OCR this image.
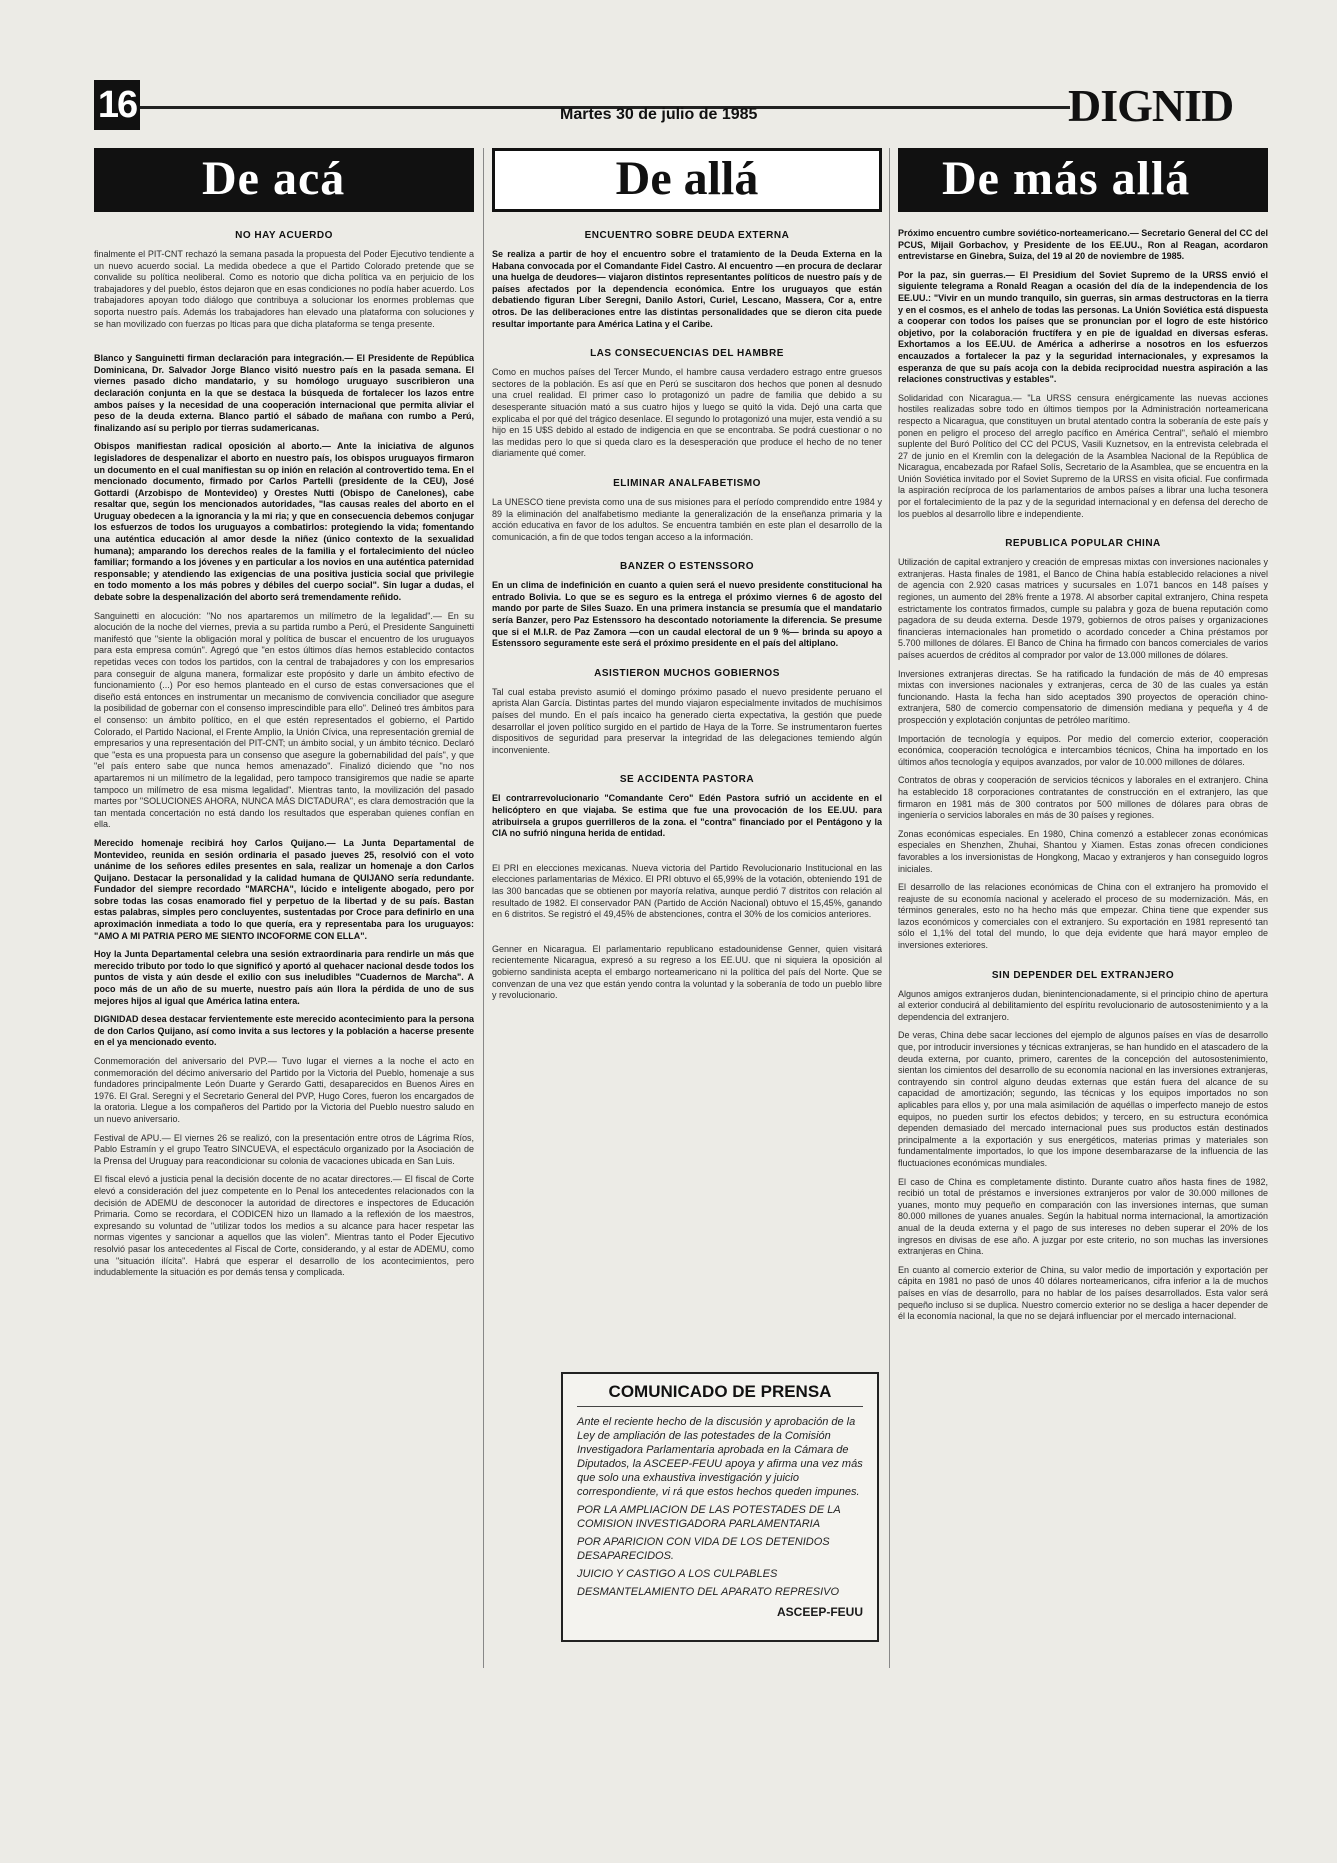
16	DIGNID
Martes 30 de julio de 1985
De acá
NO HAY ACUERDO

finalmente el PIT-CNT rechazó la semana pasada la propuesta del Poder Ejecutivo tendiente a un nuevo acuerdo social. La medida obedece a que el Partido Colorado pretende que se convalide su política neoliberal. Como es notorio que dicha política va en perjuicio de los trabajadores y del pueblo, éstos dejaron que en esas condiciones no podía haber acuerdo. Los trabajadores apoyan todo diálogo que contribuya a solucionar los enormes problemas que soporta nuestro país. Además los trabajadores han elevado una plataforma con soluciones y se han movilizado con fuerzas po lticas para que dicha plataforma se tenga presente.

Blanco y Sanguinetti firman declaración para integración.— El Presidente de República Dominicana, Dr. Salvador Jorge Blanco visitó nuestro país en la pasada semana. El viernes pasado dicho mandatario, y su homólogo uruguayo suscribieron una declaración conjunta en la que se destaca la búsqueda de fortalecer los lazos entre ambos países y la necesidad de una cooperación internacional que permita aliviar el peso de la deuda externa. Blanco partió el sábado de mañana con rumbo a Perú, finalizando así su periplo por tierras sudamericanas.

Obispos manifiestan radical oposición al aborto.— Ante la iniciativa de algunos legisladores de despenalizar el aborto en nuestro país, los obispos uruguayos firmaron un documento en el cual manifiestan su op inión en relación al controvertido tema. En el mencionado documento, firmado por Carlos Partelli (presidente de la CEU), José Gottardi (Arzobispo de Montevideo) y Orestes Nutti (Obispo de Canelones), cabe resaltar que, según los mencionados autoridades, "las causas reales del aborto en el Uruguay obedecen a la ignorancia y la mi ria; y que en consecuencia debemos conjugar los esfuerzos de todos los uruguayos a combatirlos: protegiendo la vida; fomentando una auténtica educación al amor desde la niñez (único contexto de la sexualidad humana); amparando los derechos reales de la familia y el fortalecimiento del núcleo familiar; formando a los jóvenes y en particular a los novios en una auténtica paternidad responsable; y atendiendo las exigencias de una positiva justicia social que privilegie en todo momento a los más pobres y débiles del cuerpo social". Sin lugar a dudas, el debate sobre la despenalización del aborto será tremendamente reñido.

Sanguinetti en alocución: "No nos apartaremos un milímetro de la legalidad".— En su alocución de la noche del viernes, previa a su partida rumbo a Perú, el Presidente Sanguinetti manifestó que "siente la obligación moral y política de buscar el encuentro de los uruguayos para esta empresa común". Agregó que "en estos últimos días hemos establecido contactos repetidas veces con todos los partidos, con la central de trabajadores y con los empresarios para conseguir de alguna manera, formalizar este propósito y darle un ámbito efectivo de funcionamiento (...) Por eso hemos planteado en el curso de estas conversaciones que el diseño está entonces en instrumentar un mecanismo de convivencia conciliador que asegure la posibilidad de gobernar con el consenso imprescindible para ello". Delineó tres ámbitos para el consenso: un ámbito político, en el que estén representados el gobierno, el Partido Colorado, el Partido Nacional, el Frente Amplio, la Unión Cívica, una representación gremial de empresarios y una representación del PIT-CNT; un ámbito social, y un ámbito técnico. Declaró que "esta es una propuesta para un consenso que asegure la gobernabilidad del país", y que "el país entero sabe que nunca hemos amenazado". Finalizó diciendo que "no nos apartaremos ni un milímetro de la legalidad, pero tampoco transigiremos que nadie se aparte tampoco un milímetro de esa misma legalidad". Mientras tanto, la movilización del pasado martes por "SOLUCIONES AHORA, NUNCA MÁS DICTADURA", es clara demostración que la tan mentada concertación no está dando los resultados que esperaban quienes confían en ella.

Merecido homenaje recibirá hoy Carlos Quijano.— La Junta Departamental de Montevideo, reunida en sesión ordinaria el pasado jueves 25, resolvió con el voto unánime de los señores ediles presentes en sala, realizar un homenaje a don Carlos Quijano. Destacar la personalidad y la calidad humana de QUIJANO sería redundante. Fundador del siempre recordado "MARCHA", lúcido e inteligente abogado, pero por sobre todas las cosas enamorado fiel y perpetuo de la libertad y de su país. Bastan estas palabras, simples pero concluyentes, sustentadas por Croce para definirlo en una aproximación inmediata a todo lo que quería, era y representaba para los uruguayos: "AMO A MI PATRIA PERO ME SIENTO INCOFORME CON ELLA".

Hoy la Junta Departamental celebra una sesión extraordinaria para rendirle un más que merecido tributo por todo lo que significó y aportó al quehacer nacional desde todos los puntos de vista y aún desde el exilio con sus ineludibles "Cuadernos de Marcha". A poco más de un año de su muerte, nuestro país aún llora la pérdida de uno de sus mejores hijos al igual que América latina entera.

DIGNIDAD desea destacar fervientemente este merecido acontecimiento para la persona de don Carlos Quijano, así como invita a sus lectores y la población a hacerse presente en el ya mencionado evento.

Conmemoración del aniversario del PVP.— Tuvo lugar el viernes a la noche el acto en conmemoración del décimo aniversario del Partido por la Victoria del Pueblo, homenaje a sus fundadores principalmente León Duarte y Gerardo Gatti, desaparecidos en Buenos Aires en 1976. El Gral. Seregni y el Secretario General del PVP, Hugo Cores, fueron los encargados de la oratoria. Llegue a los compañeros del Partido por la Victoria del Pueblo nuestro saludo en un nuevo aniversario.

Festival de APU.— El viernes 26 se realizó, con la presentación entre otros de Lágrima Ríos, Pablo Estramín y el grupo Teatro SINCUEVA, el espectáculo organizado por la Asociación de la Prensa del Uruguay para reacondicionar su colonia de vacaciones ubicada en San Luis.

El fiscal elevó a justicia penal la decisión docente de no acatar directores.— El fiscal de Corte elevó a consideración del juez competente en lo Penal los antecedentes relacionados con la decisión de ADEMU de desconocer la autoridad de directores e inspectores de Educación Primaria. Como se recordara, el CODICEN hizo un llamado a la reflexión de los maestros, expresando su voluntad de "utilizar todos los medios a su alcance para hacer respetar las normas vigentes y sancionar a aquellos que las violen". Mientras tanto el Poder Ejecutivo resolvió pasar los antecedentes al Fiscal de Corte, considerando, y al estar de ADEMU, como una "situación ilícita". Habrá que esperar el desarrollo de los acontecimientos, pero indudablemente la situación es por demás tensa y complicada.

De allá
ENCUENTRO SOBRE DEUDA EXTERNA

Se realiza a partir de hoy el encuentro sobre el tratamiento de la Deuda Externa en la Habana convocada por el Comandante Fidel Castro. Al encuentro —en procura de declarar una huelga de deudores— viajaron distintos representantes políticos de nuestro país y de países afectados por la dependencia económica. Entre los uruguayos que están debatiendo figuran Líber Seregni, Danilo Astori, Curiel, Lescano, Massera, Cor a, entre otros. De las deliberaciones entre las distintas personalidades que se dieron cita puede resultar importante para América Latina y el Caribe.

LAS CONSECUENCIAS DEL HAMBRE

Como en muchos países del Tercer Mundo, el hambre causa verdadero estrago entre gruesos sectores de la población. Es así que en Perú se suscitaron dos hechos que ponen al desnudo una cruel realidad. El primer caso lo protagonizó un padre de familia que debido a su desesperante situación mató a sus cuatro hijos y luego se quitó la vida. Dejó una carta que explicaba el por qué del trágico desenlace. El segundo lo protagonizó una mujer, esta vendió a su hijo en 15 U$S debido al estado de indigencia en que se encontraba. Se podrá cuestionar o no las medidas pero lo que si queda claro es la desesperación que produce el hecho de no tener diariamente qué comer.

ELIMINAR ANALFABETISMO

La UNESCO tiene prevista como una de sus misiones para el período comprendido entre 1984 y 89 la eliminación del analfabetismo mediante la generalización de la enseñanza primaria y la acción educativa en favor de los adultos. Se encuentra también en este plan el desarrollo de la comunicación, a fin de que todos tengan acceso a la información.

BANZER O ESTENSSORO

En un clima de indefinición en cuanto a quien será el nuevo presidente constitucional ha entrado Bolivia. Lo que se es seguro es la entrega el próximo viernes 6 de agosto del mando por parte de Siles Suazo. En una primera instancia se presumía que el mandatario sería Banzer, pero Paz Estenssoro ha descontado notoriamente la diferencia. Se presume que si el M.I.R. de Paz Zamora —con un caudal electoral de un 9 %— brinda su apoyo a Estenssoro seguramente este será el próximo presidente en el país del altiplano.

ASISTIERON MUCHOS GOBIERNOS

Tal cual estaba previsto asumió el domingo próximo pasado el nuevo presidente peruano el aprista Alan García. Distintas partes del mundo viajaron especialmente invitados de muchísimos países del mundo. En el país incaico ha generado cierta expectativa, la gestión que puede desarrollar el joven político surgido en el partido de Haya de la Torre. Se instrumentaron fuertes dispositivos de seguridad para preservar la integridad de las delegaciones temiendo algún inconveniente.

SE ACCIDENTA PASTORA

El contrarrevolucionario "Comandante Cero" Edén Pastora sufrió un accidente en el helicóptero en que viajaba. Se estima que fue una provocación de los EE.UU. para atribuirsela a grupos guerrilleros de la zona. el "contra" financiado por el Pentágono y la CIA no sufrió ninguna herida de entidad.

El PRI en elecciones mexicanas. Nueva victoria del Partido Revolucionario Institucional en las elecciones parlamentarias de México. El PRI obtuvo el 65,99% de la votación, obteniendo 191 de las 300 bancadas que se obtienen por mayoría relativa, aunque perdió 7 distritos con relación al resultado de 1982. El conservador PAN (Partido de Acción Nacional) obtuvo el 15,45%, ganando en 6 distritos. Se registró el 49,45% de abstenciones, contra el 30% de los comicios anteriores.

Genner en Nicaragua. El parlamentario republicano estadounidense Genner, quien visitará recientemente Nicaragua, expresó a su regreso a los EE.UU. que ni siquiera la oposición al gobierno sandinista acepta el embargo norteamericano ni la política del país del Norte. Que se convenzan de una vez que están yendo contra la voluntad y la soberanía de todo un pueblo libre y revolucionario.

COMUNICADO DE PRENSA
Ante el reciente hecho de la discusión y aprobación de la Ley de ampliación de las potestades de la Comisión Investigadora Parlamentaria aprobada en la Cámara de Diputados, la ASCEEP-FEUU apoya y afirma una vez más que solo una exhaustiva investigación y juicio correspondiente, vi rá que estos hechos queden impunes.
POR LA AMPLIACION DE LAS POTESTADES DE LA COMISION INVESTIGADORA PARLAMENTARIA
POR APARICION CON VIDA DE LOS DETENIDOS DESAPARECIDOS.
JUICIO Y CASTIGO A LOS CULPABLES
DESMANTELAMIENTO DEL APARATO REPRESIVO
ASCEEP-FEUU
De más allá

Próximo encuentro cumbre soviético-norteamericano.— Secretario General del CC del PCUS, Mijail Gorbachov, y Presidente de los EE.UU., Ron al Reagan, acordaron entrevistarse en Ginebra, Suiza, del 19 al 20 de noviembre de 1985.

Por la paz, sin guerras.— El Presidium del Soviet Supremo de la URSS envió el siguiente telegrama a Ronald Reagan a ocasión del día de la independencia de los EE.UU.: "Vivir en un mundo tranquilo, sin guerras, sin armas destructoras en la tierra y en el cosmos, es el anhelo de todas las personas. La Unión Soviética está dispuesta a cooperar con todos los países que se pronuncian por el logro de este histórico objetivo, por la colaboración fructífera y en pie de igualdad en diversas esferas. Exhortamos a los EE.UU. de América a adherirse a nosotros en los esfuerzos encauzados a fortalecer la paz y la seguridad internacionales, y expresamos la esperanza de que su país acoja con la debida reciprocidad nuestra aspiración a las relaciones constructivas y estables".

Solidaridad con Nicaragua.— "La URSS censura enérgicamente las nuevas acciones hostiles realizadas sobre todo en últimos tiempos por la Administración norteamericana respecto a Nicaragua, que constituyen un brutal atentado contra la soberanía de este país y ponen en peligro el proceso del arreglo pacífico en América Central", señaló el miembro suplente del Buró Político del CC del PCUS, Vasili Kuznetsov, en la entrevista celebrada el 27 de junio en el Kremlin con la delegación de la Asamblea Nacional de la República de Nicaragua, encabezada por Rafael Solís, Secretario de la Asamblea, que se encuentra en la Unión Soviética invitado por el Soviet Supremo de la URSS en visita oficial. Fue confirmada la aspiración recíproca de los parlamentarios de ambos países a librar una lucha tesonera por el fortalecimiento de la paz y de la seguridad internacional y en defensa del derecho de los pueblos al desarrollo libre e independiente.

REPUBLICA POPULAR CHINA

Utilización de capital extranjero y creación de empresas mixtas con inversiones nacionales y extranjeras. Hasta finales de 1981, el Banco de China había establecido relaciones a nivel de agencia con 2.920 casas matrices y sucursales en 1.071 bancos en 148 países y regiones, un aumento del 28% frente a 1978. Al absorber capital extranjero, China respeta estrictamente los contratos firmados, cumple su palabra y goza de buena reputación como pagadora de su deuda externa. Desde 1979, gobiernos de otros países y organizaciones financieras internacionales han prometido o acordado conceder a China préstamos por 5.700 millones de dólares. El Banco de China ha firmado con bancos comerciales de varios países acuerdos de créditos al comprador por valor de 13.000 millones de dólares.

Inversiones extranjeras directas. Se ha ratificado la fundación de más de 40 empresas mixtas con inversiones nacionales y extranjeras, cerca de 30 de las cuales ya están funcionando. Hasta la fecha han sido aceptados 390 proyectos de operación chino-extranjera, 580 de comercio compensatorio de dimensión mediana y pequeña y 4 de prospección y explotación conjuntas de petróleo marítimo.

Importación de tecnología y equipos. Por medio del comercio exterior, cooperación económica, cooperación tecnológica e intercambios técnicos, China ha importado en los últimos años tecnología y equipos avanzados, por valor de 10.000 millones de dólares.

Contratos de obras y cooperación de servicios técnicos y laborales en el extranjero. China ha establecido 18 corporaciones contratantes de construcción en el extranjero, las que firmaron en 1981 más de 300 contratos por 500 millones de dólares para obras de ingeniería o servicios laborales en más de 30 países y regiones.

Zonas económicas especiales. En 1980, China comenzó a establecer zonas económicas especiales en Shenzhen, Zhuhai, Shantou y Xiamen. Estas zonas ofrecen condiciones favorables a los inversionistas de Hongkong, Macao y extranjeros y han conseguido logros iniciales.

El desarrollo de las relaciones económicas de China con el extranjero ha promovido el reajuste de su economía nacional y acelerado el proceso de su modernización. Más, en términos generales, esto no ha hecho más que empezar. China tiene que expender sus lazos económicos y comerciales con el extranjero. Su exportación en 1981 representó tan sólo el 1,1% del total del mundo, lo que deja evidente que hará mayor empleo de inversiones exteriores.

SIN DEPENDER DEL EXTRANJERO

Algunos amigos extranjeros dudan, bienintencionadamente, si el principio chino de apertura al exterior conducirá al debilitamiento del espíritu revolucionario de autosostenimiento y a la dependencia del extranjero.

De veras, China debe sacar lecciones del ejemplo de algunos países en vías de desarrollo que, por introducir inversiones y técnicas extranjeras, se han hundido en el atascadero de la deuda externa, por cuanto, primero, carentes de la concepción del autosostenimiento, sientan los cimientos del desarrollo de su economía nacional en las inversiones extranjeras, contrayendo sin control alguno deudas externas que están fuera del alcance de su capacidad de amortización; segundo, las técnicas y los equipos importados no son aplicables para ellos y, por una mala asimilación de aquéllas o imperfecto manejo de estos equipos, no pueden surtir los efectos debidos; y tercero, en su estructura económica dependen demasiado del mercado internacional pues sus productos están destinados principalmente a la exportación y sus energéticos, materias primas y materiales son fundamentalmente importados, lo que los impone desembarazarse de la influencia de las fluctuaciones económicas mundiales.

El caso de China es completamente distinto. Durante cuatro años hasta fines de 1982, recibió un total de préstamos e inversiones extranjeros por valor de 30.000 millones de yuanes, monto muy pequeño en comparación con las inversiones internas, que suman 80.000 millones de yuanes anuales. Según la habitual norma internacional, la amortización anual de la deuda externa y el pago de sus intereses no deben superar el 20% de los ingresos en divisas de ese año. A juzgar por este criterio, no son muchas las inversiones extranjeras en China.

En cuanto al comercio exterior de China, su valor medio de importación y exportación per cápita en 1981 no pasó de unos 40 dólares norteamericanos, cifra inferior a la de muchos países en vías de desarrollo, para no hablar de los países desarrollados. Esta valor será pequeño incluso si se duplica. Nuestro comercio exterior no se desliga a hacer depender de él la economía nacional, la que no se dejará influenciar por el mercado internacional.
